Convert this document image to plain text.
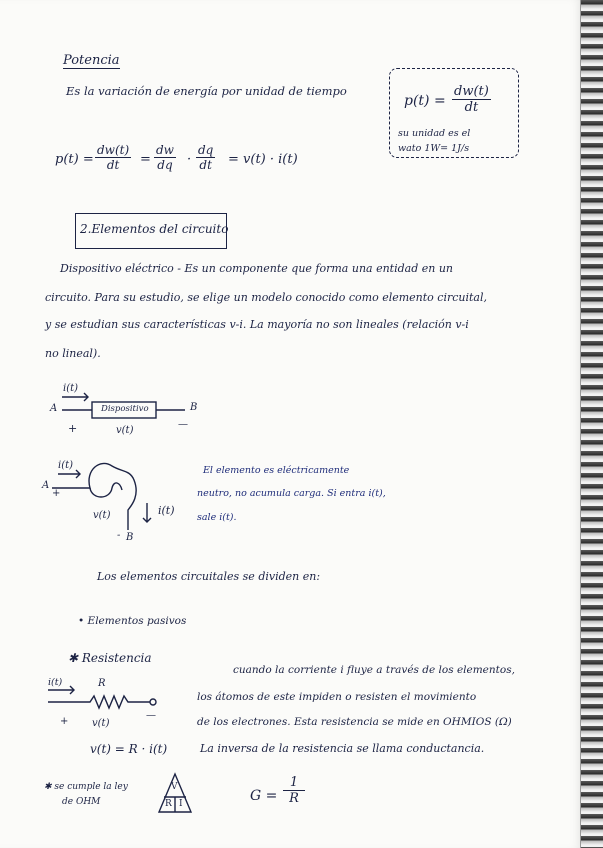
Potencia
Es la variación de energía por unidad de tiempo
$p(t) = \frac{dw(t)}{dt}$
su unidad es el
wato 1W= 1J/s
$p(t) = \frac{dw(t)}{dt} = \frac{dw}{dq} \cdot \frac{dq}{dt} = v(t) \cdot i(t)$
2.Elementos del circuito
Dispositivo eléctrico - Es un componente que forma una entidad en un
circuito. Para su estudio, se elige un modelo conocido como elemento circuital,
y se estudian sus características v-i. La mayoría no son lineales (relación v-i
no lineal).
i(t)
A	Dispositivo	B
+	v(t)
—
i(t)
A
+
v(t)	i(t)
- B
El elemento es eléctricamente
neutro, no acumula carga. Si entra i(t),
sale i(t).
Los elementos circuitales se dividen en:
• Elementos pasivos
✱ Resistencia
i(t)	R
+ v(t)
—
cuando la corriente i fluye a través de los elementos,
los átomos de este impiden o resisten el movimiento
de los electrones. Esta resistencia se mide en OHMIOS (Ω)
v(t) = R · i(t)	La inversa de la resistencia se llama conductancia.
✱ se cumple la ley
de OHM
V
R I	$G = \frac{1}{R}$
